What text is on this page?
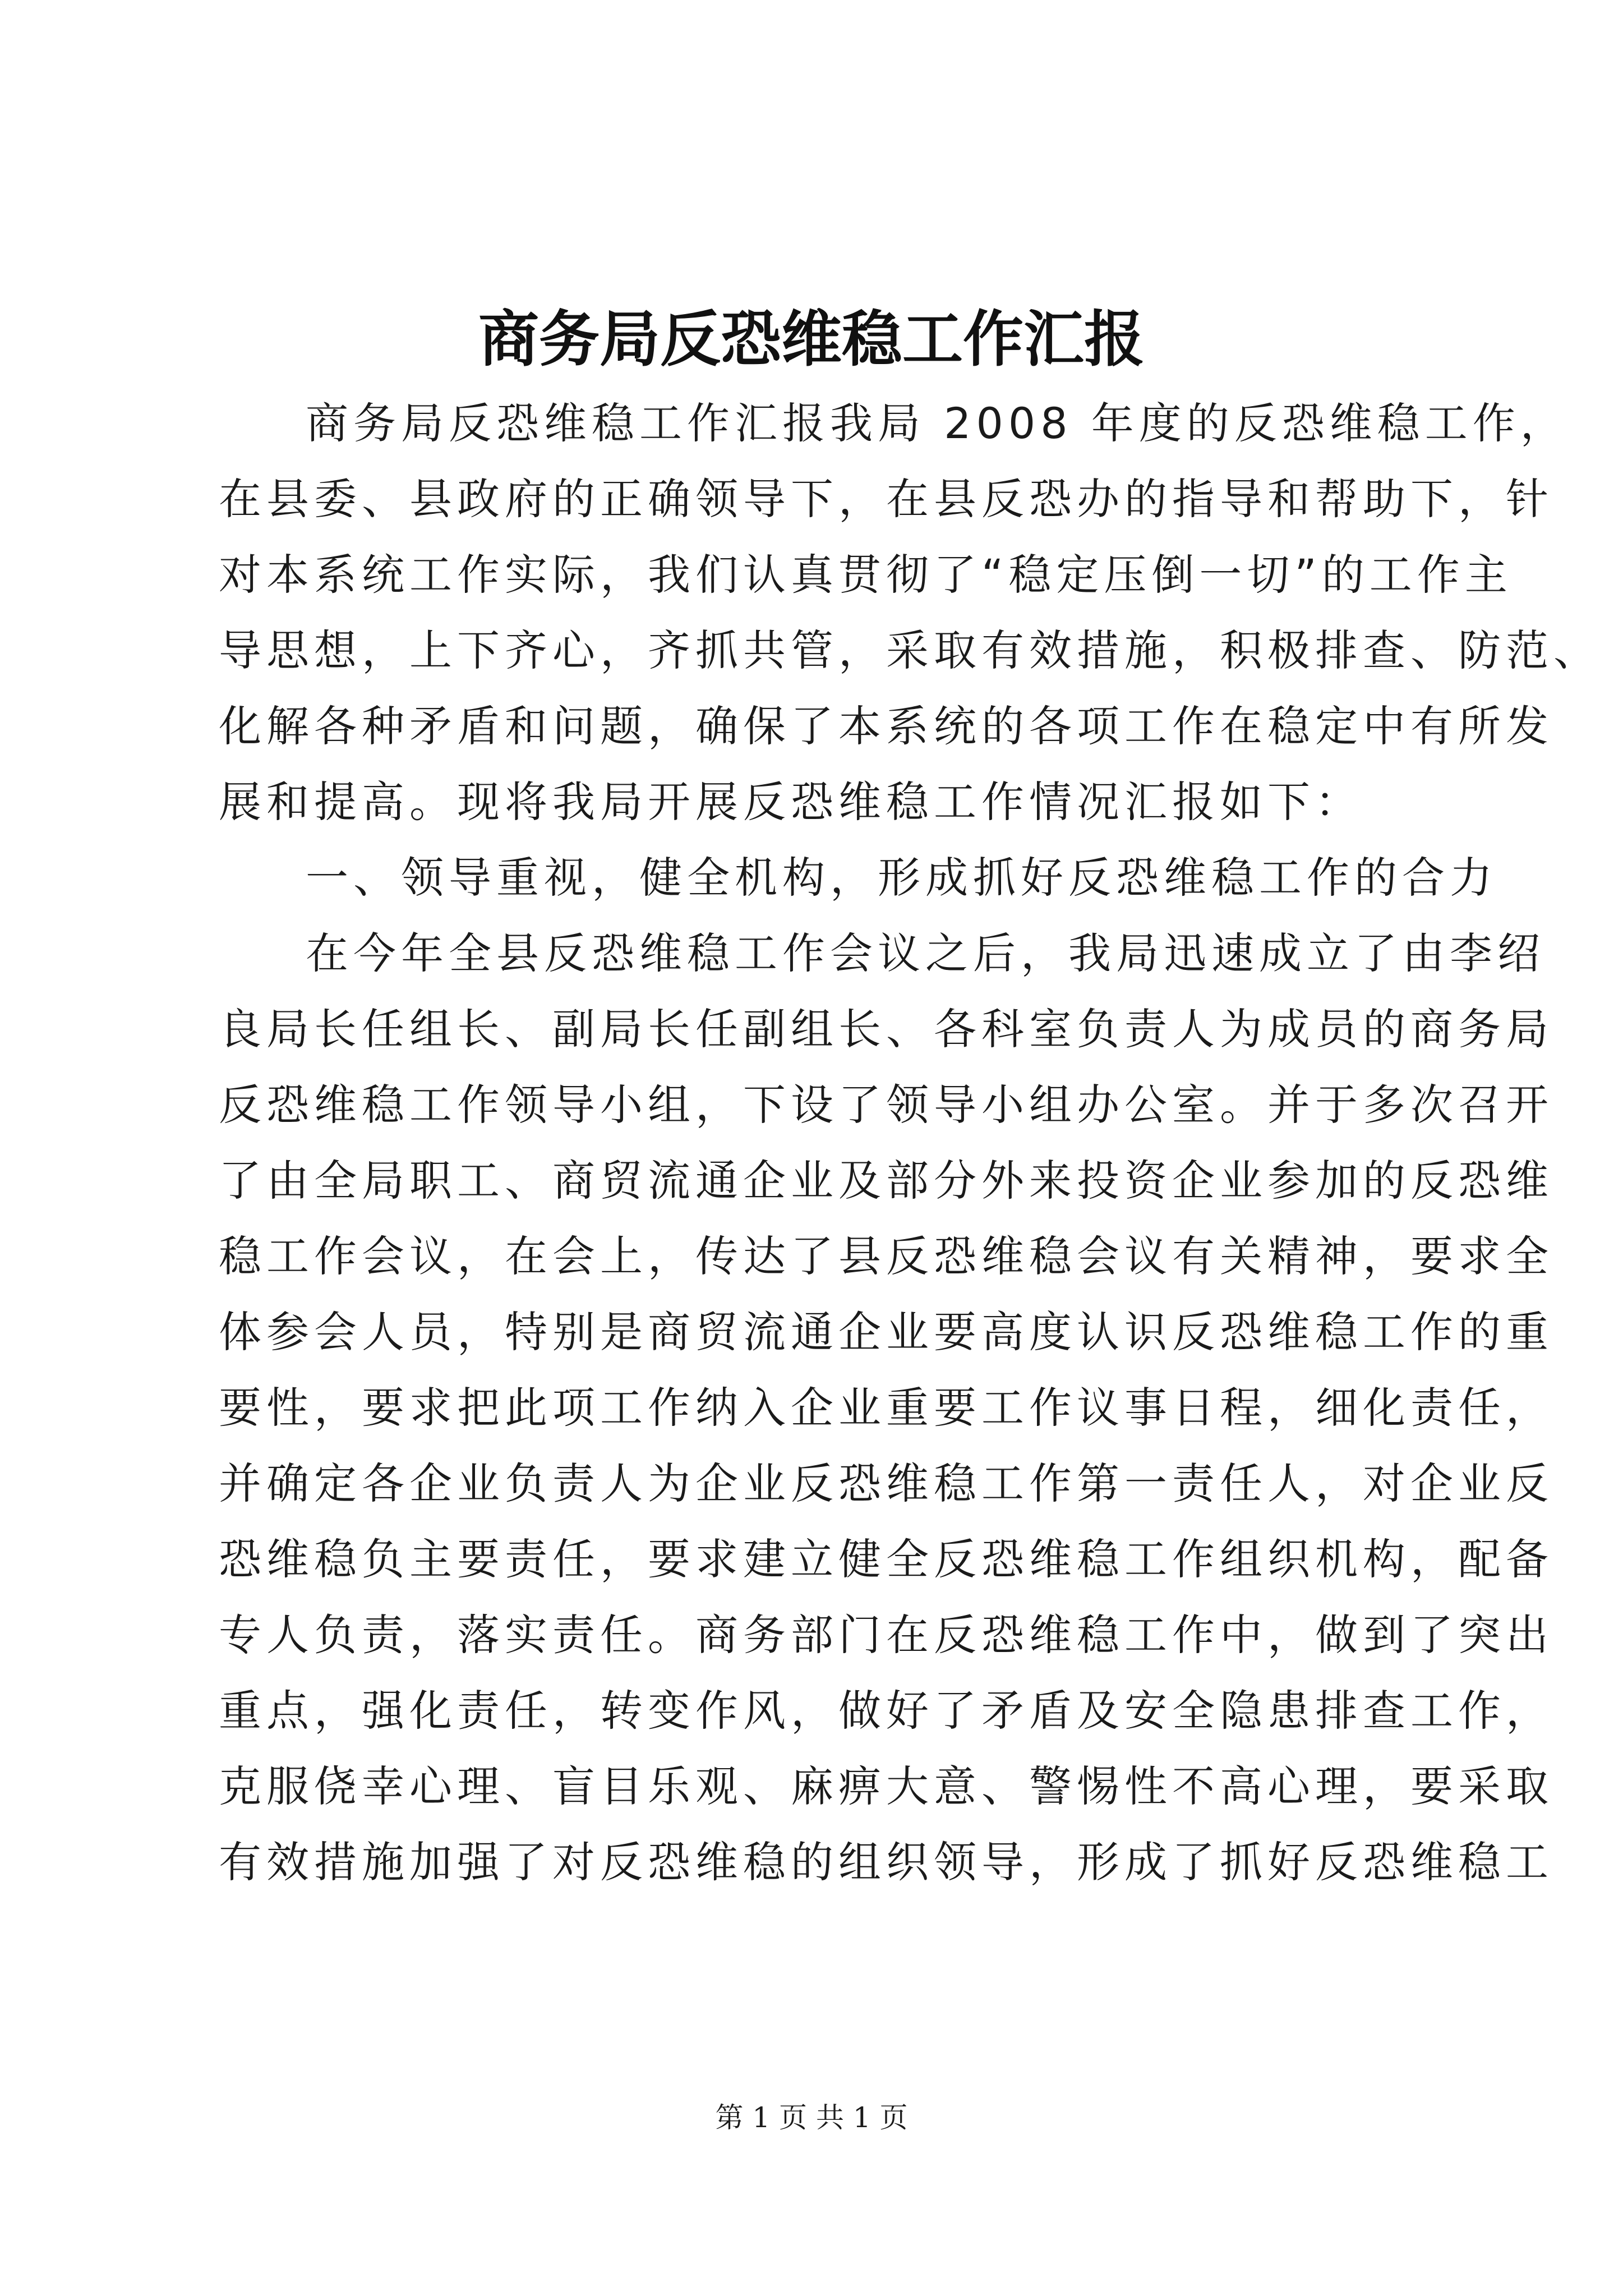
商务局反恐维稳工作汇报
商务局反恐维稳工作汇报我局 2008 年度的反恐维稳工作，
在县委、县政府的正确领导下，在县反恐办的指导和帮助下，针
对本系统工作实际，我们认真贯彻了“稳定压倒一切”的工作主
导思想，上下齐心，齐抓共管，采取有效措施，积极排查、防范、
化解各种矛盾和问题，确保了本系统的各项工作在稳定中有所发
展和提高。现将我局开展反恐维稳工作情况汇报如下：
一、领导重视，健全机构，形成抓好反恐维稳工作的合力
在今年全县反恐维稳工作会议之后，我局迅速成立了由李绍
良局长任组长、副局长任副组长、各科室负责人为成员的商务局
反恐维稳工作领导小组，下设了领导小组办公室。并于多次召开
了由全局职工、商贸流通企业及部分外来投资企业参加的反恐维
稳工作会议，在会上，传达了县反恐维稳会议有关精神，要求全
体参会人员，特别是商贸流通企业要高度认识反恐维稳工作的重
要性，要求把此项工作纳入企业重要工作议事日程，细化责任，
并确定各企业负责人为企业反恐维稳工作第一责任人，对企业反
恐维稳负主要责任，要求建立健全反恐维稳工作组织机构，配备
专人负责，落实责任。商务部门在反恐维稳工作中，做到了突出
重点，强化责任，转变作风，做好了矛盾及安全隐患排查工作，
克服侥幸心理、盲目乐观、麻痹大意、警惕性不高心理，要采取
有效措施加强了对反恐维稳的组织领导，形成了抓好反恐维稳工
第 1 页 共 1 页
